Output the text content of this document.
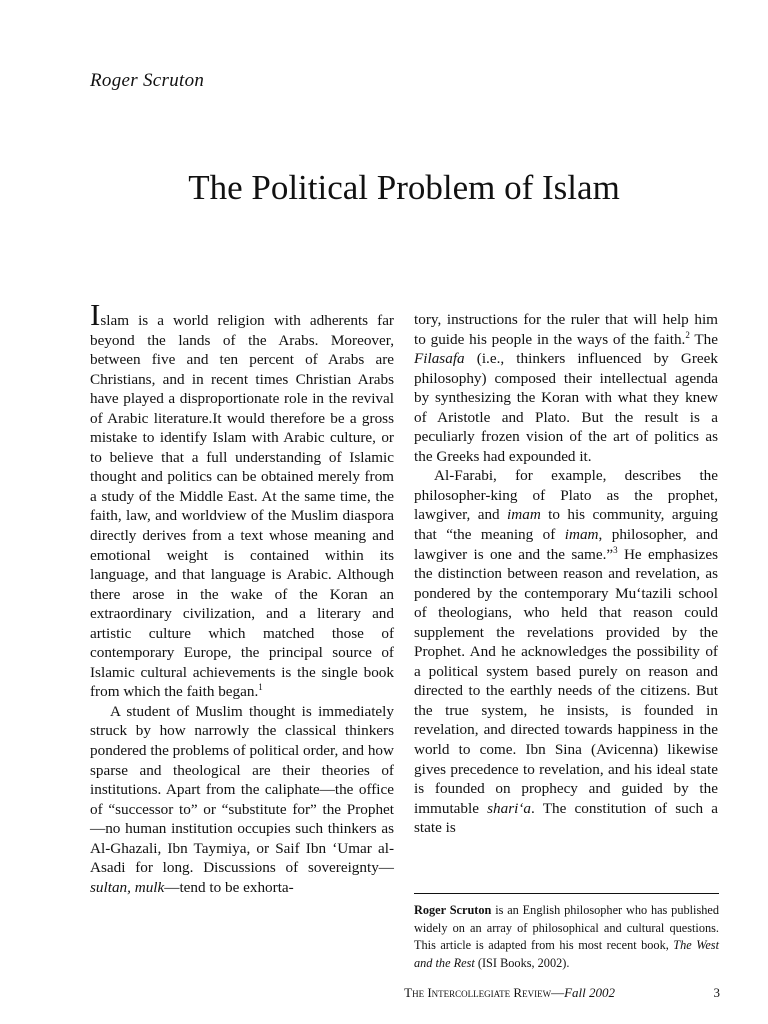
Roger Scruton
The Political Problem of Islam

Islam is a world religion with adherents far beyond the lands of the Arabs. Moreover, between five and ten percent of Arabs are Christians, and in recent times Christian Arabs have played a disproportionate role in the revival of Arabic literature.It would therefore be a gross mistake to identify Islam with Arabic culture, or to believe that a full understanding of Islamic thought and politics can be obtained merely from a study of the Middle East. At the same time, the faith, law, and worldview of the Muslim diaspora directly derives from a text whose meaning and emotional weight is contained within its language, and that language is Arabic. Although there arose in the wake of the Koran an extraordinary civilization, and a literary and artistic culture which matched those of contemporary Europe, the principal source of Islamic cultural achievements is the single book from which the faith began.$^1$

A student of Muslim thought is immediately struck by how narrowly the classical thinkers pondered the problems of political order, and how sparse and theological are their theories of institutions. Apart from the caliphate—the office of “successor to” or “substitute for” the Prophet—no human institution occupies such thinkers as Al-Ghazali, Ibn Taymiya, or Saif Ibn ‘Umar al-Asadi for long. Discussions of sovereignty—sultan, mulk—tend to be exhorta-

tory, instructions for the ruler that will help him to guide his people in the ways of the faith.$^2$ The Filasafa (i.e., thinkers influenced by Greek philosophy) composed their intellectual agenda by synthesizing the Koran with what they knew of Aristotle and Plato. But the result is a peculiarly frozen vision of the art of politics as the Greeks had expounded it.

Al-Farabi, for example, describes the philosopher-king of Plato as the prophet, lawgiver, and imam to his community, arguing that “the meaning of imam, philosopher, and lawgiver is one and the same.”$^3$ He emphasizes the distinction between reason and revelation, as pondered by the contemporary Mu‘tazili school of theologians, who held that reason could supplement the revelations provided by the Prophet. And he acknowledges the possibility of a political system based purely on reason and directed to the earthly needs of the citizens. But the true system, he insists, is founded in revelation, and directed towards happiness in the world to come. Ibn Sina (Avicenna) likewise gives precedence to revelation, and his ideal state is founded on prophecy and guided by the immutable shari‘a. The constitution of such a state is

Roger Scruton is an English philosopher who has published widely on an array of philosophical and cultural questions. This article is adapted from his most recent book, The West and the Rest (ISI Books, 2002).

The Intercollegiate Review—Fall 2002	3
